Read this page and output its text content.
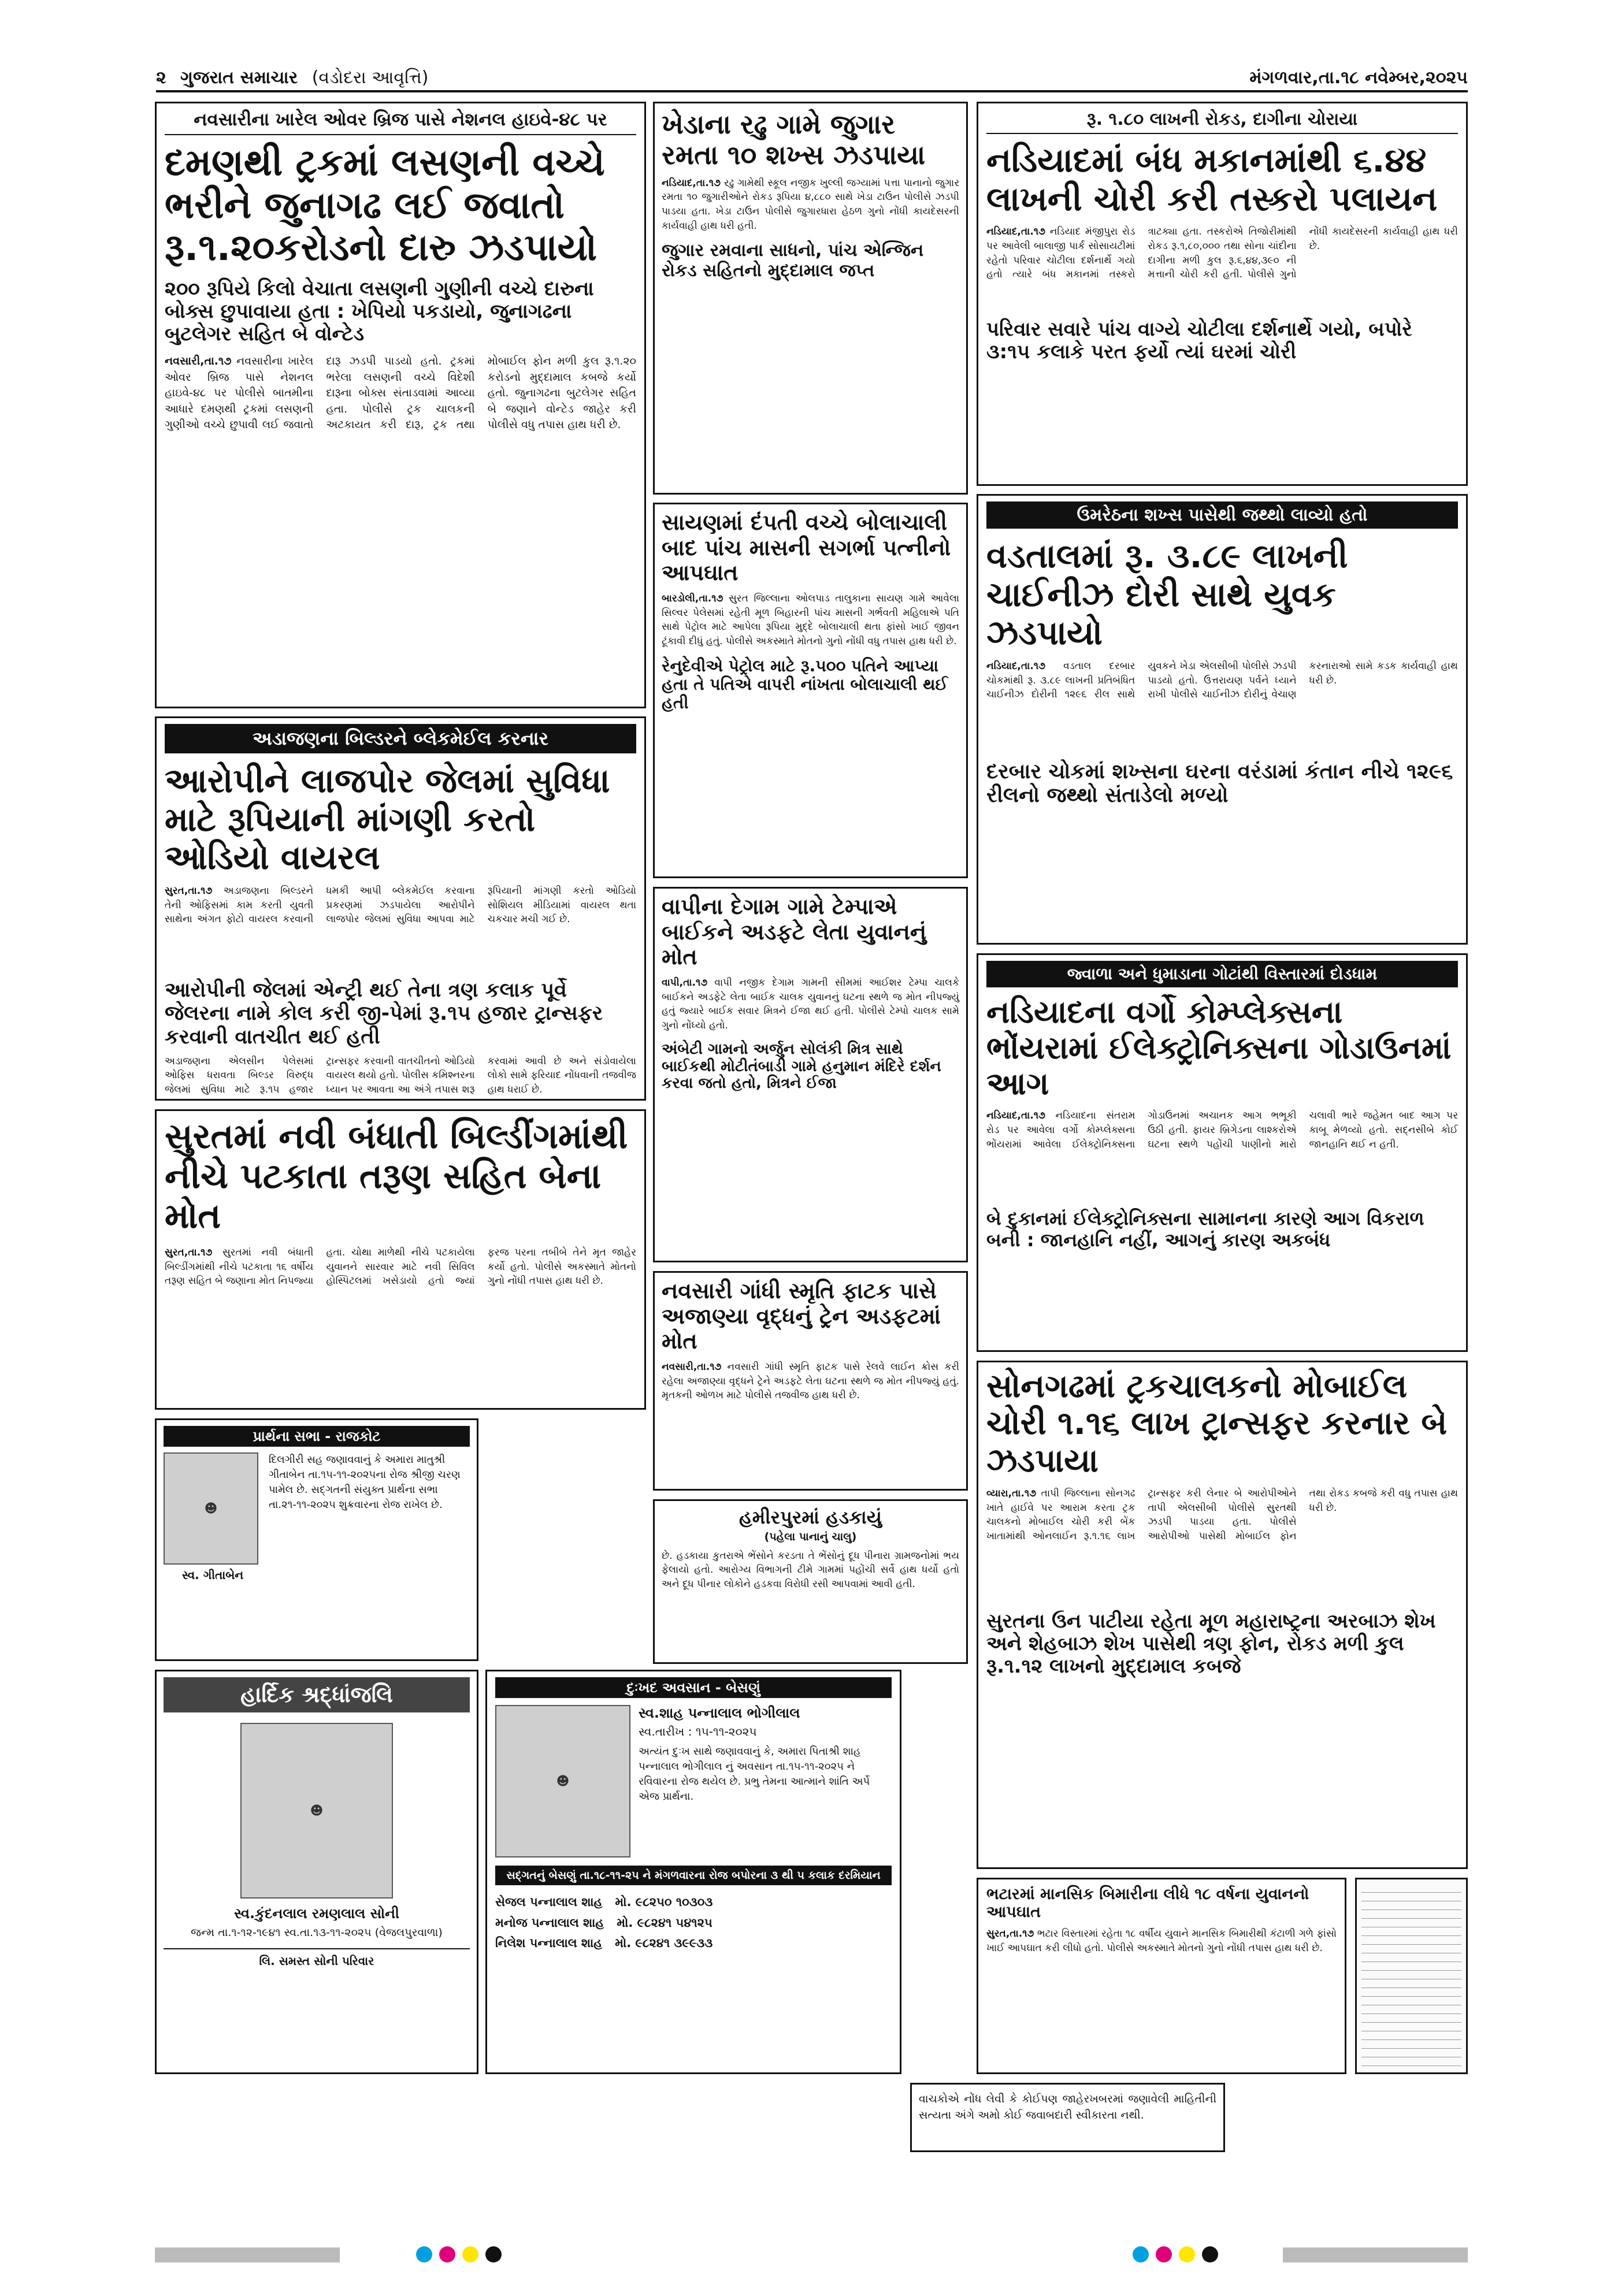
૨ ગુજરાત સમાચાર (વડોદરા આવૃત્તિ)	મંગળવાર,તા.૧૮ નવેમ્બર,૨૦૨૫
નવસારીના ખારેલ ઓવર બ્રિજ પાસે નેશનલ હાઇવે-૪૮ પર
દમણથી ટ્રકમાં લસણની વચ્ચે ભરીને જુનાગઢ લઈ જવાતો રૂ.૧.૨૦કરોડનો દારુ ઝડપાયો
૨૦૦ રૂપિયે કિલો વેચાતા લસણની ગુણીની વચ્ચે દારુના બોક્સ છુપાવાયા હતા : ખેપિયો પકડાયો, જુનાગઢના બુટલેગર સહિત બે વોન્ટેડ
નવસારી,તા.૧૭ નવસારીના ખારેલ ઓવર બ્રિજ પાસે નેશનલ હાઇવે-૪૮ પર પોલીસે બાતમીના આધારે દમણથી ટ્રકમાં લસણની ગુણીઓ વચ્ચે છુપાવી લઈ જવાતો દારૂ ઝડપી પાડયો હતો. ટ્રકમાં ભરેલા લસણની વચ્ચે વિદેશી દારૂના બોક્સ સંતાડવામાં આવ્યા હતા. પોલીસે ટ્રક ચાલકની અટકાયત કરી દારૂ, ટ્રક તથા મોબાઈલ ફોન મળી કુલ રૂ.૧.૨૦ કરોડનો મુદ્દામાલ કબજે કર્યો હતો. જુનાગઢના બુટલેગર સહિત બે જણાને વોન્ટેડ જાહેર કરી પોલીસે વધુ તપાસ હાથ ધરી છે.
અડાજણના બિલ્ડરને બ્લેકમેઈલ કરનાર
આરોપીને લાજપોર જેલમાં સુવિધા માટે રૂપિયાની માંગણી કરતો ઓડિયો વાયરલ
સુરત,તા.૧૭ અડાજણના બિલ્ડરને તેની ઓફિસમાં કામ કરતી યુવતી સાથેના અંગત ફોટો વાયરલ કરવાની ધમકી આપી બ્લેકમેઈલ કરવાના પ્રકરણમાં ઝડપાયેલા આરોપીને લાજપોર જેલમાં સુવિધા આપવા માટે રૂપિયાની માંગણી કરતો ઓડિયો સોશિયલ મીડિયામાં વાયરલ થતા ચકચાર મચી ગઈ છે.
આરોપીની જેલમાં એન્ટ્રી થઈ તેના ત્રણ કલાક પૂર્વે જેલરના નામે કોલ કરી જી-પેમાં રૂ.૧૫ હજાર ટ્રાન્સફર કરવાની વાતચીત થઈ હતી
અડાજણના એલસીન પેલેસમાં ઓફિસ ધરાવતા બિલ્ડર વિરુદ્ધ જેલમાં સુવિધા માટે રૂ.૧૫ હજાર ટ્રાન્સફર કરવાની વાતચીતનો ઓડિયો વાયરલ થયો હતો. પોલીસ કમિશ્નરના ધ્યાન પર આવતા આ અંગે તપાસ શરૂ કરવામાં આવી છે અને સંડોવાયેલા લોકો સામે ફરિયાદ નોંધવાની તજવીજ હાથ ધરાઈ છે.
સુરતમાં નવી બંધાતી બિલ્ડીંગમાંથી નીચે પટકાતા તરૂણ સહિત બેના મોત
સુરત,તા.૧૭ સુરતમાં નવી બંધાતી બિલ્ડીંગમાંથી નીચે પટકાતા ૧૬ વર્ષીય તરૂણ સહિત બે જણાના મોત નિપજ્યા હતા. ચોથા માળેથી નીચે પટકાયેલા યુવાનને સારવાર માટે નવી સિવિલ હોસ્પિટલમાં ખસેડાયો હતો જ્યાં ફરજ પરના તબીબે તેને મૃત જાહેર કર્યો હતો. પોલીસે અકસ્માતે મોતનો ગુનો નોંધી તપાસ હાથ ધરી છે.
પ્રાર્થના સભા - રાજકોટ
☻
સ્વ. ગીતાબેન
દિલગીરી સહ જણાવવાનું કે અમારા માતુશ્રી ગીતાબેન તા.૧૫-૧૧-૨૦૨૫ના રોજ શ્રીજી ચરણ પામેલ છે. સદ્ગતની સંયુક્ત પ્રાર્થના સભા તા.૨૧-૧૧-૨૦૨૫ શુક્રવારના રોજ રાખેલ છે.
હાર્દિક શ્રદ્ધાંજલિ
☻
સ્વ.કુંદનલાલ રમણલાલ સોની
જન્મ તા.૧-૧૨-૧૯૪૧ સ્વ.તા.૧૩-૧૧-૨૦૨૫ (વેજલપુરવાળા)
લિ. સમસ્ત સોની પરિવાર
દુઃખદ અવસાન - બેસણું
☻
સ્વ.શાહ પન્નાલાલ ભોગીલાલ
સ્વ.તારીખ : ૧૫-૧૧-૨૦૨૫
અત્યંત દુઃખ સાથે જણાવવાનું કે, અમારા પિતાશ્રી શાહ પન્નાલાલ ભોગીલાલ નું અવસાન તા.૧૫-૧૧-૨૦૨૫ ને રવિવારના રોજ થયેલ છે. પ્રભુ તેમના આત્માને શાંતિ અર્પે એજ પ્રાર્થના.
સદ્ગતનું બેસણું તા.૧૮-૧૧-૨૫ ને મંગળવારના રોજ બપોરના ૩ થી ૫ કલાક દરમિયાન
સેજલ પન્નાલાલ શાહ મો. ૯૮૨૫૦ ૧૦૩૦૩
મનોજ પન્નાલાલ શાહ મો. ૯૮૨૪૧ ૫૪૧૨૫
નિલેશ પન્નાલાલ શાહ મો. ૯૮૨૪૧ ૩૯૯૩૩
ખેડાના રઢુ ગામે જુગાર રમતા ૧૦ શખ્સ ઝડપાયા
નડિયાદ,તા.૧૭ રઢુ ગામેથી સ્કૂલ નજીક ખુલ્લી જગ્યામાં પત્તા પાનાનો જુગાર રમતા ૧૦ જુગારીઓને રોકડ રૂપિયા ૪,૮૮૦ સાથે ખેડા ટાઉન પોલીસે ઝડપી પાડયા હતા. ખેડા ટાઉન પોલીસે જુગારધારા હેઠળ ગુનો નોંધી કાયદેસરની કાર્યવાહી હાથ ધરી હતી.
જુગાર રમવાના સાધનો, પાંચ એન્જિન રોકડ સહિતનો મુદ્દામાલ જપ્ત
સાયણમાં દંપતી વચ્ચે બોલાચાલી બાદ પાંચ માસની સગર્ભા પત્નીનો આપઘાત
બારડોલી,તા.૧૭ સુરત જિલ્લાના ઓલપાડ તાલુકાના સાયણ ગામે આવેલા સિલ્વર પેલેસમાં રહેતી મૂળ બિહારની પાંચ માસની ગર્ભવતી મહિલાએ પતિ સાથે પેટ્રોલ માટે આપેલા રૂપિયા મુદ્દે બોલાચાલી થતા ફાંસો ખાઈ જીવન ટૂંકાવી દીધું હતું. પોલીસે અકસ્માતે મોતનો ગુનો નોંધી વધુ તપાસ હાથ ધરી છે.
રેનુદેવીએ પેટ્રોલ માટે રૂ.૫૦૦ પતિને આપ્યા હતા તે પતિએ વાપરી નાંખતા બોલાચાલી થઈ હતી
વાપીના દેગામ ગામે ટેમ્પાએ બાઈકને અડફટે લેતા યુવાનનું મોત
વાપી,તા.૧૭ વાપી નજીક દેગામ ગામની સીમમાં આઈશર ટેમ્પા ચાલકે બાઈકને અડફેટે લેતા બાઈક ચાલક યુવાનનું ઘટના સ્થળે જ મોત નીપજ્યું હતું જ્યારે બાઈક સવાર મિત્રને ઈજા થઈ હતી. પોલીસે ટેમ્પો ચાલક સામે ગુનો નોંધ્યો હતો.
અંબેટી ગામનો અર્જુન સોલંકી મિત્ર સાથે બાઈકથી મોટીતંબાડી ગામે હનુમાન મંદિરે દર્શન કરવા જતો હતો, મિત્રને ઈજા
નવસારી ગાંધી સ્મૃતિ ફાટક પાસે અજાણ્યા વૃદ્ધનું ટ્રેન અડફટમાં મોત
નવસારી,તા.૧૭ નવસારી ગાંધી સ્મૃતિ ફાટક પાસે રેલવે લાઈન ક્રોસ કરી રહેલા અજાણ્યા વૃદ્ધને ટ્રેને અડફટે લેતા ઘટના સ્થળે જ મોત નીપજ્યું હતું. મૃતકની ઓળખ માટે પોલીસે તજવીજ હાથ ધરી છે.
હમીરપુરમાં હડકાયું
(પહેલા પાનાનું ચાલુ)
છે. હડકાયા કુતરાએ ભેંસોને કરડતા તે ભેંસોનું દૂધ પીનારા ગ્રામજનોમાં ભય ફેલાયો હતો. આરોગ્ય વિભાગની ટીમે ગામમાં પહોંચી સર્વે હાથ ધર્યો હતો અને દૂધ પીનાર લોકોને હડકવા વિરોધી રસી આપવામાં આવી હતી.
વાચકોએ નોંધ લેવી કે કોઈપણ જાહેરખબરમાં જણાવેલી માહિતીની સત્યતા અંગે અમો કોઈ જવાબદારી સ્વીકારતા નથી.
રૂ. ૧.૮૦ લાખની રોકડ, દાગીના ચોરાયા
નડિયાદમાં બંધ મકાનમાંથી ૬.૪૪ લાખની ચોરી કરી તસ્કરો પલાયન
નડિયાદ,તા.૧૭ નડિયાદ મંજીપુરા રોડ પર આવેલી બાલાજી પાર્ક સોસાયટીમાં રહેતો પરિવાર ચોટીલા દર્શનાર્થે ગયો હતો ત્યારે બંધ મકાનમાં તસ્કરો ત્રાટક્યા હતા. તસ્કરોએ તિજોરીમાંથી રોકડ રૂ.૧,૮૦,૦૦૦ તથા સોના ચાંદીના દાગીના મળી કુલ રૂ.૬,૪૪,૩૯૦ ની મત્તાની ચોરી કરી હતી. પોલીસે ગુનો નોંધી કાયદેસરની કાર્યવાહી હાથ ધરી છે.
પરિવાર સવારે પાંચ વાગ્યે ચોટીલા દર્શનાર્થે ગયો, બપોરે ૩:૧૫ કલાકે પરત ફર્યો ત્યાં ઘરમાં ચોરી
ઉમરેઠના શખ્સ પાસેથી જથ્થો લાવ્યો હતો
વડતાલમાં રૂ. ૩.૮૯ લાખની ચાઈનીઝ દોરી સાથે યુવક ઝડપાયો
નડિયાદ,તા.૧૭ વડતાલ દરબાર ચોકમાંથી રૂ. ૩.૮૯ લાખની પ્રતિબંધિત ચાઈનીઝ દોરીની ૧૨૯૬ રીલ સાથે યુવકને ખેડા એલસીબી પોલીસે ઝડપી પાડયો હતો. ઉત્તરાયણ પર્વને ધ્યાને રાખી પોલીસે ચાઈનીઝ દોરીનું વેચાણ કરનારાઓ સામે કડક કાર્યવાહી હાથ ધરી છે.
દરબાર ચોકમાં શખ્સના ઘરના વરંડામાં કંતાન નીચે ૧૨૯૬ રીલનો જથ્થો સંતાડેલો મળ્યો
જ્વાળા અને ધુમાડાના ગોટાંથી વિસ્તારમાં દોડધામ
નડિયાદના વર્ગો કોમ્પ્લેક્સના ભોંયરામાં ઈલેક્ટ્રોનિક્સના ગોડાઉનમાં આગ
નડિયાદ,તા.૧૭ નડિયાદના સંતરામ રોડ પર આવેલા વર્ગો કોમ્પ્લેક્સના ભોંયરામાં આવેલા ઈલેક્ટ્રોનિક્સના ગોડાઉનમાં અચાનક આગ ભભૂકી ઉઠી હતી. ફાયર બ્રિગેડના લાશ્કરોએ ઘટના સ્થળે પહોંચી પાણીનો મારો ચલાવી ભારે જહેમત બાદ આગ પર કાબૂ મેળવ્યો હતો. સદ્નસીબે કોઈ જાનહાનિ થઈ ન હતી.
બે દુકાનમાં ઈલેક્ટ્રોનિક્સના સામાનના કારણે આગ વિકરાળ બની : જાનહાનિ નહીં, આગનું કારણ અકબંધ
સોનગઢમાં ટ્રકચાલકનો મોબાઈલ ચોરી ૧.૧૬ લાખ ટ્રાન્સફર કરનાર બે ઝડપાયા
વ્યારા,તા.૧૭ તાપી જિલ્લાના સોનગઢ ખાતે હાઈવે પર આરામ કરતા ટ્રક ચાલકનો મોબાઈલ ચોરી કરી બેંક ખાતામાંથી ઓનલાઈન રૂ.૧.૧૬ લાખ ટ્રાન્સફર કરી લેનાર બે આરોપીઓને તાપી એલસીબી પોલીસે સુરતથી ઝડપી પાડયા હતા. પોલીસે આરોપીઓ પાસેથી મોબાઈલ ફોન તથા રોકડ કબજે કરી વધુ તપાસ હાથ ધરી છે.
સુરતના ઉન પાટીયા રહેતા મૂળ મહારાષ્ટ્રના અરબાઝ શેખ અને શેહબાઝ શેખ પાસેથી ત્રણ ફોન, રોકડ મળી કુલ રૂ.૧.૧૨ લાખનો મુદ્દામાલ કબજે
ભટારમાં માનસિક બિમારીના લીધે ૧૮ વર્ષના યુવાનનો આપઘાત
સુરત,તા.૧૭ ભટાર વિસ્તારમાં રહેતા ૧૮ વર્ષીય યુવાને માનસિક બિમારીથી કંટાળી ગળે ફાંસો ખાઈ આપઘાત કરી લીધો હતો. પોલીસે અકસ્માતે મોતનો ગુનો નોંધી તપાસ હાથ ધરી છે.
